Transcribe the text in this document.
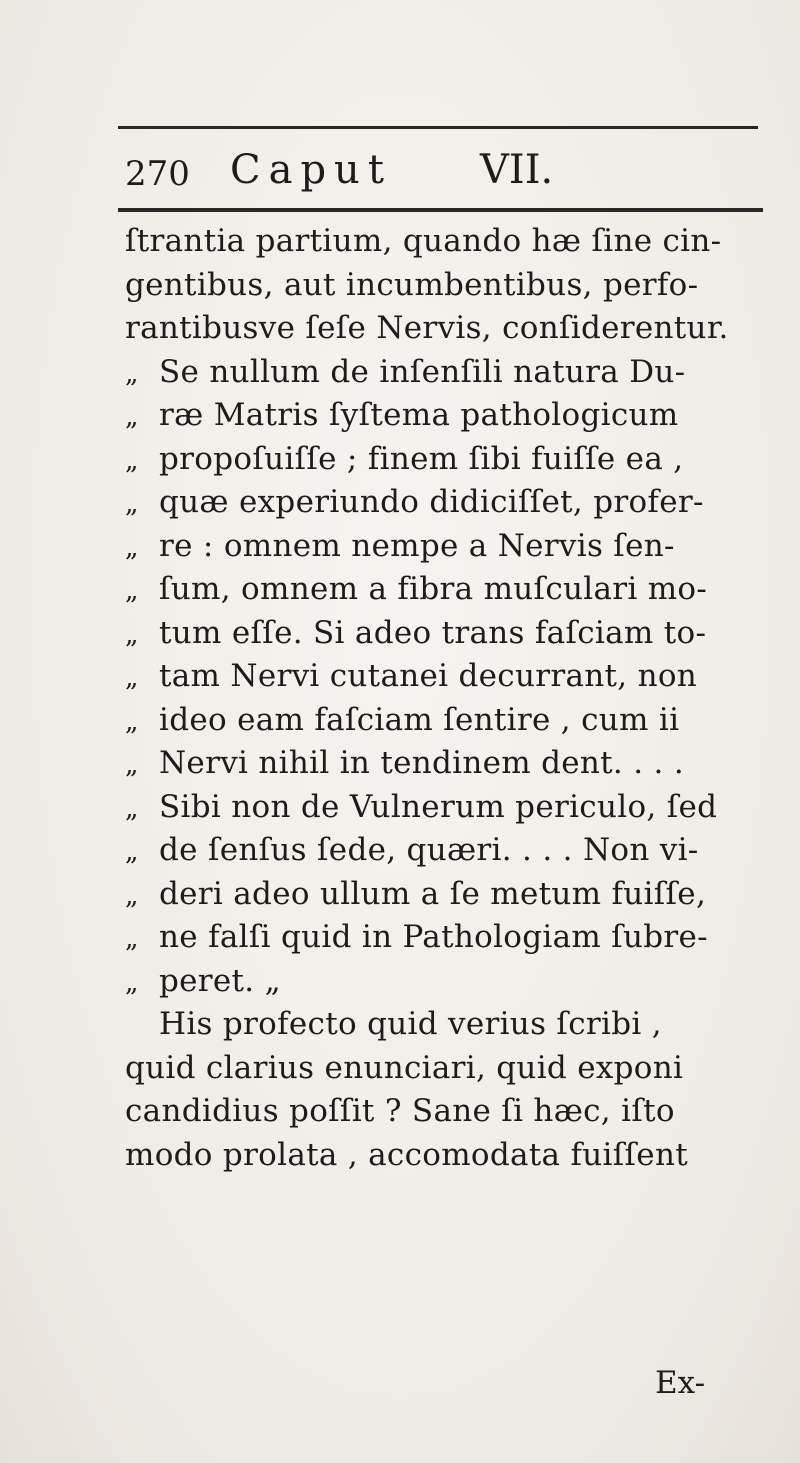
270 Caput VII.
ſtrantia partium, quando hæ ſine cin-
gentibus, aut incumbentibus, perfo-
rantibusve ſeſe Nervis, conſiderentur.
„ Se nullum de inſenſili natura Du-
„ ræ Matris ſyſtema pathologicum
„ propoſuiſſe ; finem ſibi fuiſſe ea ,
„ quæ experiundo didiciſſet, profer-
„ re : omnem nempe a Nervis ſen-
„ ſum, omnem a fibra muſculari mo-
„ tum eſſe. Si adeo trans faſciam to-
„ tam Nervi cutanei decurrant, non
„ ideo eam faſciam ſentire , cum ii
„ Nervi nihil in tendinem dent. . . .
„ Sibi non de Vulnerum periculo, ſed
„ de ſenſus ſede, quæri. . . . Non vi-
„ deri adeo ullum a ſe metum fuiſſe,
„ ne falſi quid in Pathologiam ſubre-
„ peret. „
His profecto quid verius ſcribi ,
quid clarius enunciari, quid exponi
candidius poſſit ? Sane ſi hæc, iſto
modo prolata , accomodata fuiſſent
Ex-
